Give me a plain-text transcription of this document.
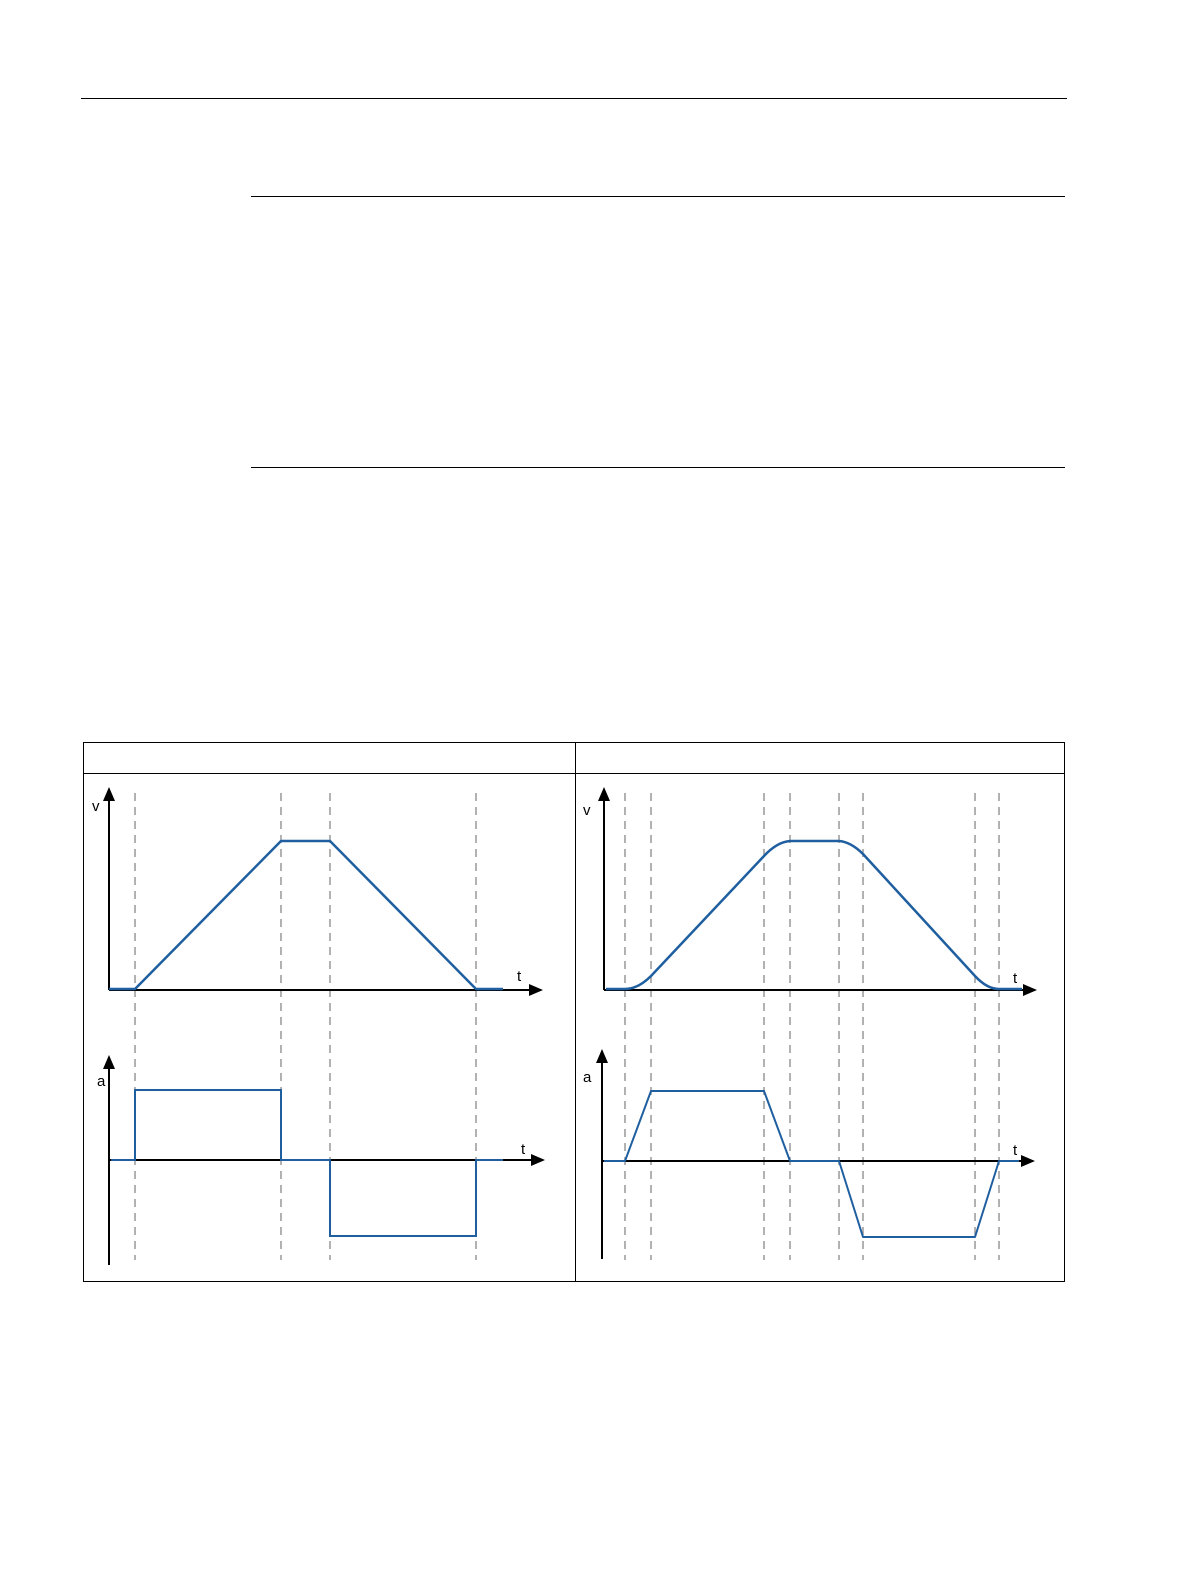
v
t
a
t
v
t
a
t
